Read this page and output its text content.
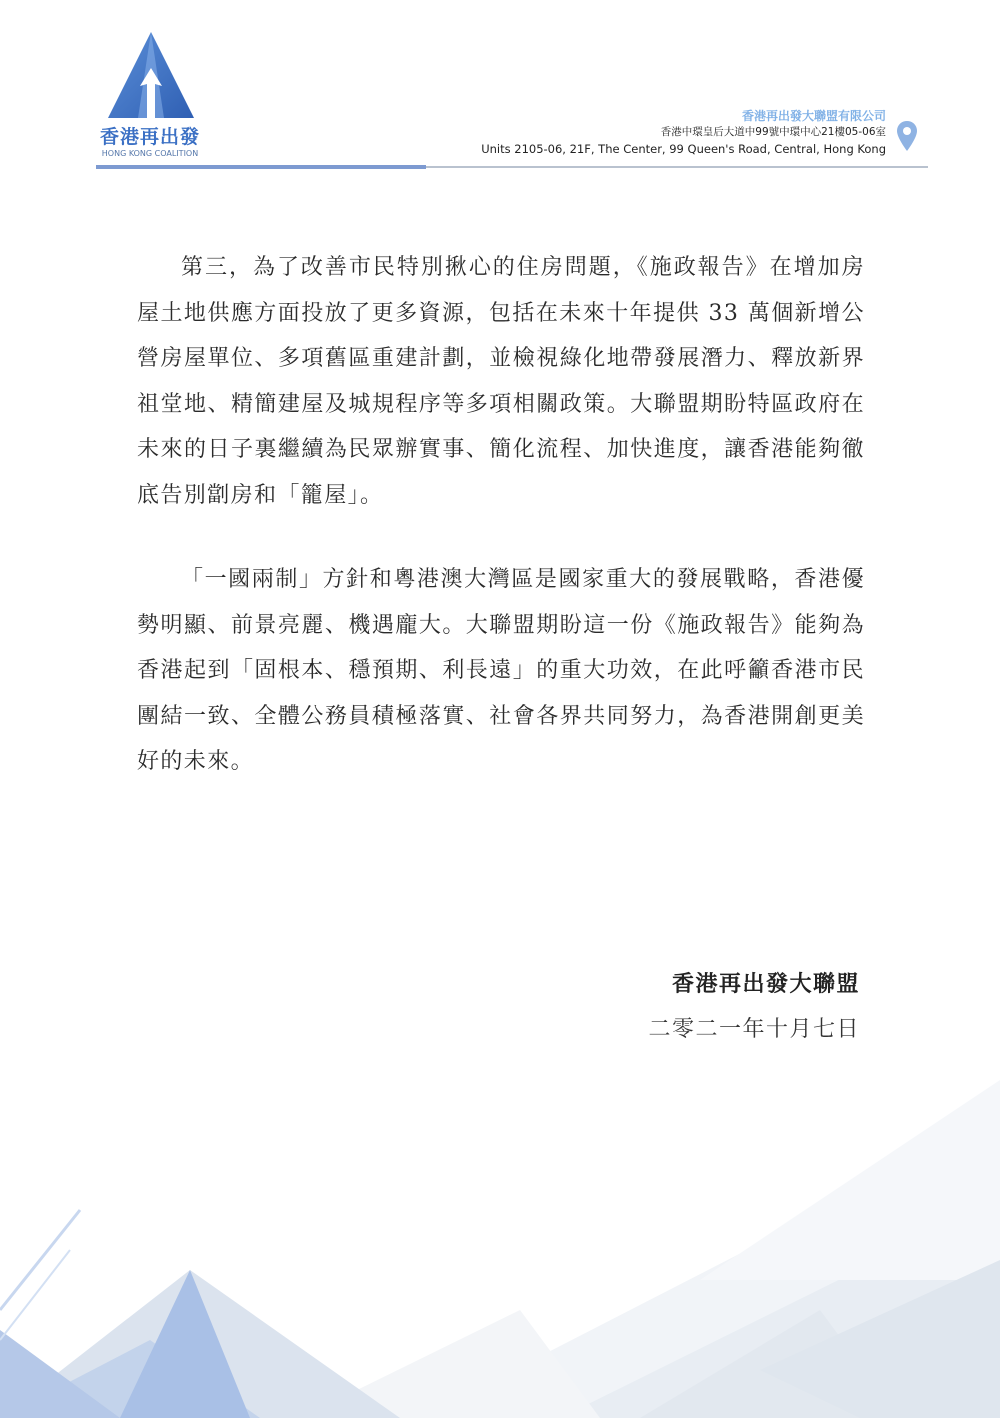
香港再出發
HONG KONG COALITION
香港再出發大聯盟有限公司
香港中環皇后大道中99號中環中心21樓05-06室
Units 2105-06, 21F, The Center, 99 Queen's Road, Central, Hong Kong

第三，為了改善市民特別揪心的住房問題，《施政報告》在增加房屋土地供應方面投放了更多資源，包括在未來十年提供 33 萬個新增公營房屋單位、多項舊區重建計劃，並檢視綠化地帶發展潛力、釋放新界祖堂地、精簡建屋及城規程序等多項相關政策。大聯盟期盼特區政府在未來的日子裏繼續為民眾辦實事、簡化流程、加快進度，讓香港能夠徹底告別劏房和「籠屋」。

「一國兩制」方針和粵港澳大灣區是國家重大的發展戰略，香港優勢明顯、前景亮麗、機遇龐大。大聯盟期盼這一份《施政報告》能夠為香港起到「固根本、穩預期、利長遠」的重大功效，在此呼籲香港市民團結一致、全體公務員積極落實、社會各界共同努力，為香港開創更美好的未來。

香港再出發大聯盟
二零二一年十月七日
